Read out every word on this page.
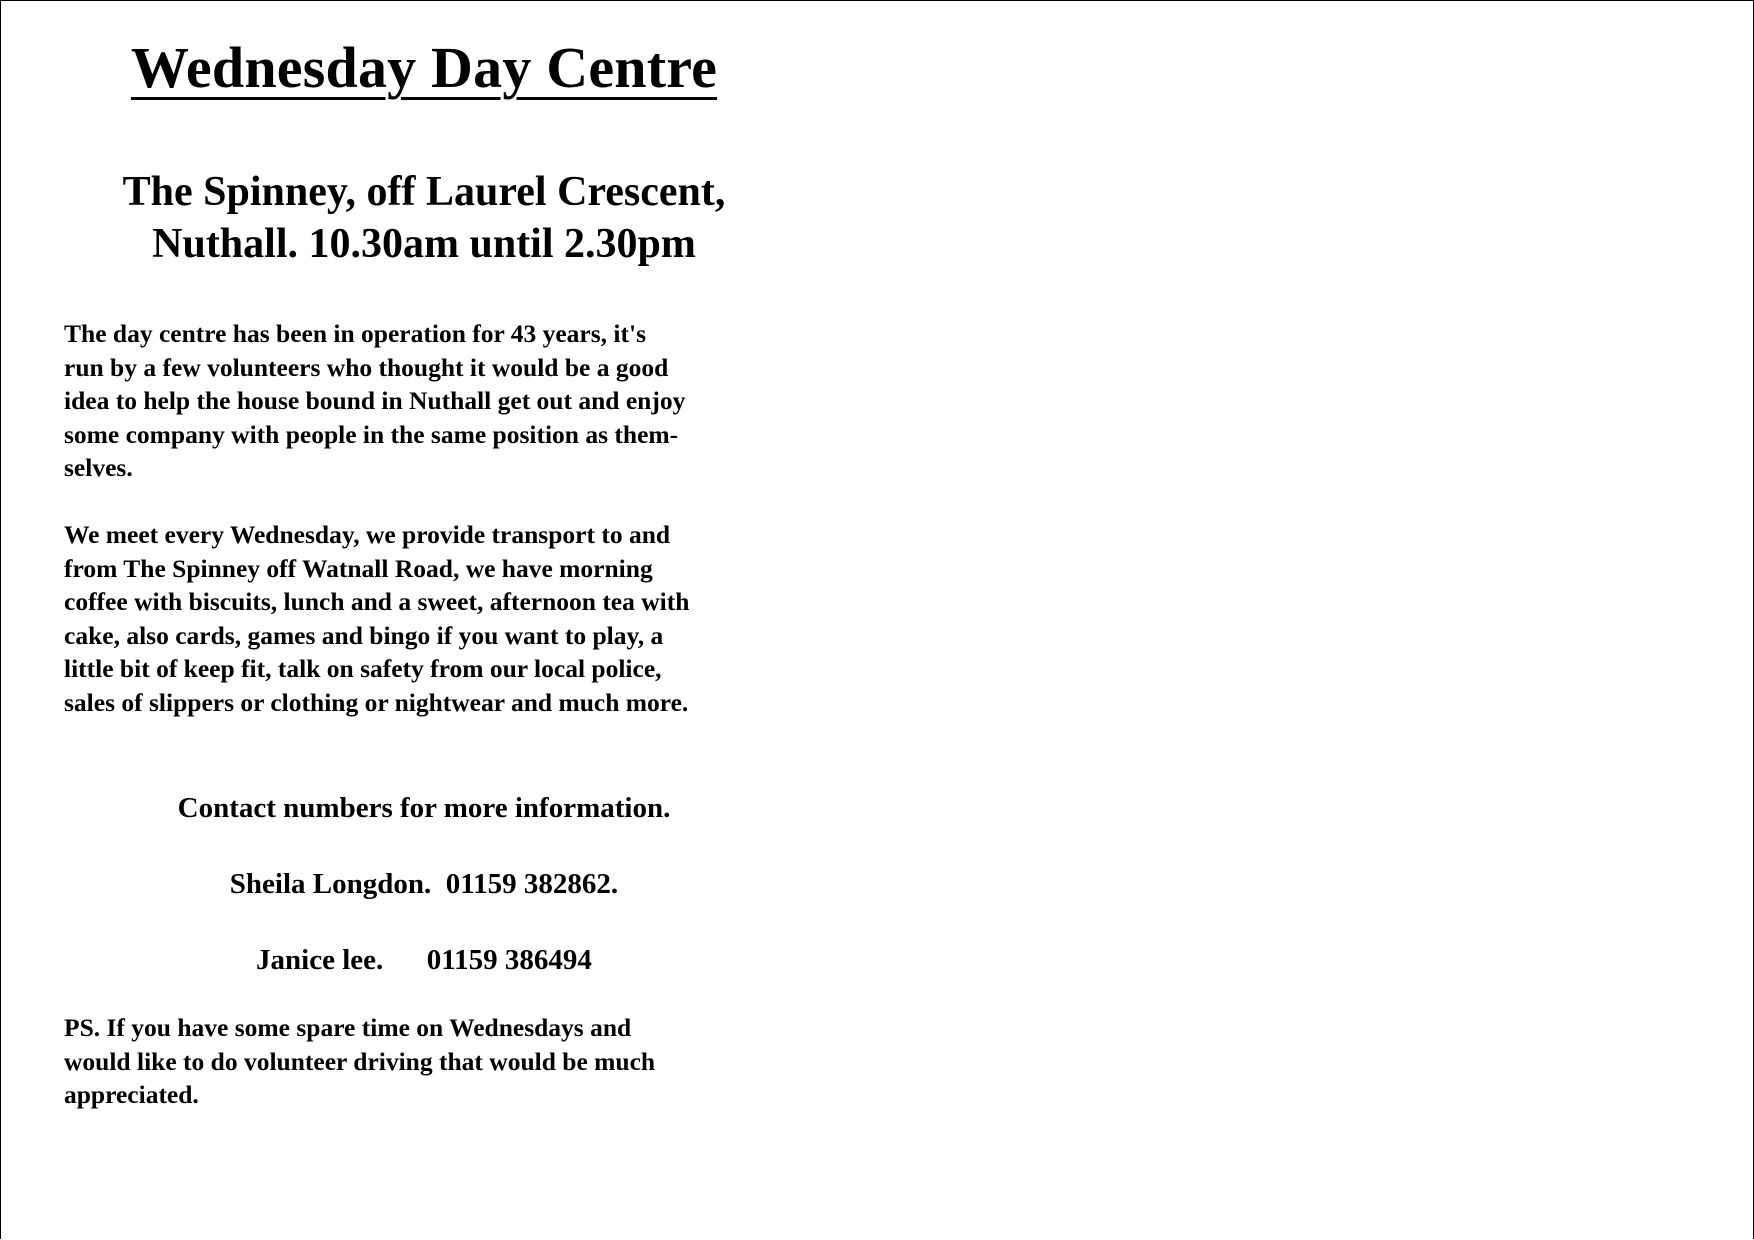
Wednesday Day Centre
The Spinney, off Laurel Crescent,
Nuthall. 10.30am until 2.30pm

The day centre has been in operation for 43 years, it's
run by a few volunteers who thought it would be a good
idea to help the house bound in Nuthall get out and enjoy
some company with people in the same position as them-
selves.

We meet every Wednesday, we provide transport to and
from The Spinney off Watnall Road, we have morning
coffee with biscuits, lunch and a sweet, afternoon tea with
cake, also cards, games and bingo if you want to play, a
little bit of keep fit, talk on safety from our local police,
sales of slippers or clothing or nightwear and much more.

Contact numbers for more information.
Sheila Longdon. 01159 382862.
Janice lee. 01159 386494

PS. If you have some spare time on Wednesdays and
would like to do volunteer driving that would be much
appreciated.
